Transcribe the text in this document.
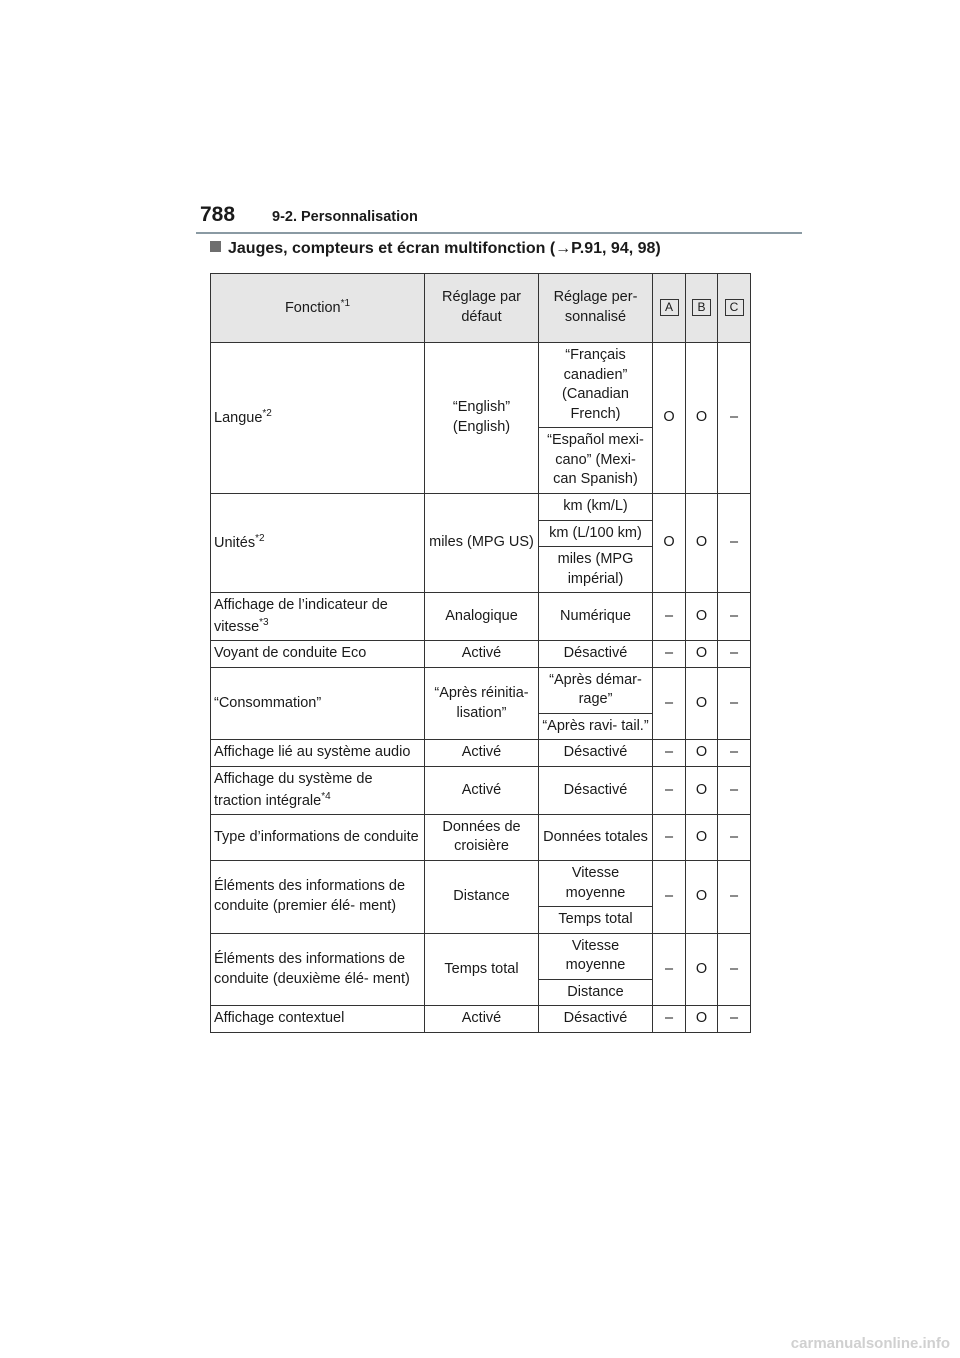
788	9-2. Personnalisation
Jauges, compteurs et écran multifonction (→P.91, 94, 98)
Fonction$^{*1}$	Réglage par défaut	Réglage per- sonnalisé	A	B	C
Langue$^{*2}$	“English” (English)	“Français canadien” (Canadian French)	O	O	–
		“Español mexi- cano” (Mexi- can Spanish)			
Unités$^{*2}$	miles (MPG US)	km (km/L)	O	O	–
		km (L/100 km)			
		miles (MPG impérial)			
Affichage de l’indicateur de vitesse$^{*3}$	Analogique	Numérique	–	O	–
Voyant de conduite Eco	Activé	Désactivé	–	O	–
“Consommation”	“Après réinitia- lisation”	“Après démar- rage”	–	O	–
		“Après ravi- tail.”			
Affichage lié au système audio	Activé	Désactivé	–	O	–
Affichage du système de traction intégrale$^{*4}$	Activé	Désactivé	–	O	–
Type d’informations de conduite	Données de croisière	Données totales	–	O	–
Éléments des informations de conduite (premier élé- ment)	Distance	Vitesse moyenne	–	O	–
		Temps total			
Éléments des informations de conduite (deuxième élé- ment)	Temps total	Vitesse moyenne	–	O	–
		Distance			
Affichage contextuel	Activé	Désactivé	–	O	–
carmanualsonline.info
